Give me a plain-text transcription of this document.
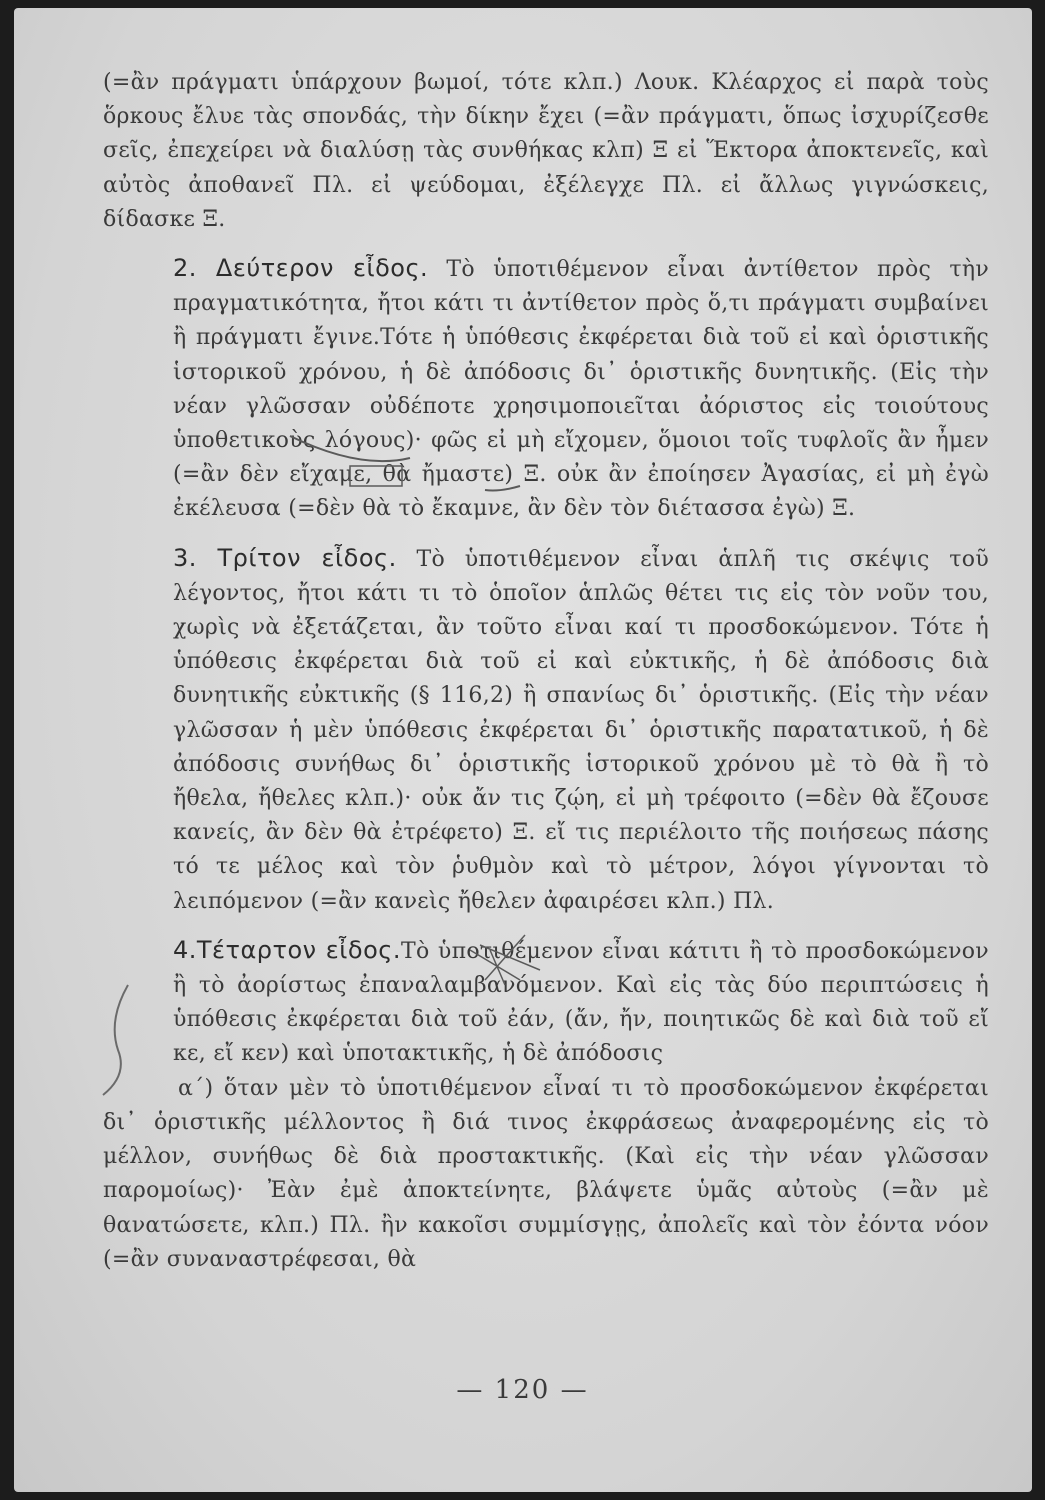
(=ἂν πράγματι ὑπάρχουν βωμοί, τότε κλπ.) Λουκ. Κλέαρχος εἰ παρὰ τοὺς ὅρκους ἔλυε τὰς σπονδάς, τὴν δίκην ἔχει (=ἂν πράγματι, ὅπως ἰσχυρίζεσθε σεῖς, ἐπεχείρει νὰ διαλύσῃ τὰς συνθήκας κλπ) Ξ εἰ Ἕκτορα ἀποκτενεῖς, καὶ αὐτὸς ἀποθανεῖ Πλ. εἰ ψεύδομαι, ἐξέλεγχε Πλ. εἰ ἄλλως γιγνώσκεις, δίδασκε Ξ.

2. Δεύτερον εἶδος. Τὸ ὑποτιθέμενον εἶναι ἀντίθετον πρὸς τὴν πραγματικότητα, ἤτοι κάτι τι ἀντίθετον πρὸς ὅ,τι πράγματι συμβαίνει ἢ πράγματι ἔγινε.Τότε ἡ ὑπόθεσις ἐκφέρεται διὰ τοῦ εἰ καὶ ὁριστικῆς ἱστορικοῦ χρόνου, ἡ δὲ ἀπόδοσις δι᾿ ὁριστικῆς δυνητικῆς. (Εἰς τὴν νέαν γλῶσσαν οὐδέποτε χρησιμοποιεῖται ἀόριστος εἰς τοιούτους ὑποθετικοὺς λόγους)· φῶς εἰ μὴ εἴχομεν, ὅμοιοι τοῖς τυφλοῖς ἂν ἦμεν (=ἂν δὲν εἴχαμε, θὰ ἤμαστε) Ξ. οὐκ ἂν ἐποίησεν Ἀγασίας, εἰ μὴ ἐγὼ ἐκέλευσα (=δὲν θὰ τὸ ἔκαμνε, ἂν δὲν τὸν διέτασσα ἐγὼ) Ξ.

3. Τρίτον εἶδος. Τὸ ὑποτιθέμενον εἶναι ἁπλῆ τις σκέψις τοῦ λέγοντος, ἤτοι κάτι τι τὸ ὁποῖον ἁπλῶς θέτει τις εἰς τὸν νοῦν του, χωρὶς νὰ ἐξετάζεται, ἂν τοῦτο εἶναι καί τι προσδοκώμενον. Τότε ἡ ὑπόθεσις ἐκφέρεται διὰ τοῦ εἰ καὶ εὐκτικῆς, ἡ δὲ ἀπόδοσις διὰ δυνητικῆς εὐκτικῆς (§ 116,2) ἢ σπανίως δι᾿ ὁριστικῆς. (Εἰς τὴν νέαν γλῶσσαν ἡ μὲν ὑπόθεσις ἐκφέρεται δι᾿ ὁριστικῆς παρατατικοῦ, ἡ δὲ ἀπόδοσις συνήθως δι᾿ ὁριστικῆς ἱστορικοῦ χρόνου μὲ τὸ θὰ ἢ τὸ ἤθελα, ἤθελες κλπ.)· οὐκ ἄν τις ζῴη, εἰ μὴ τρέφοιτο (=δὲν θὰ ἔζουσε κανείς, ἂν δὲν θὰ ἐτρέφετο) Ξ. εἴ τις περιέλοιτο τῆς ποιήσεως πάσης τό τε μέλος καὶ τὸν ῥυθμὸν καὶ τὸ μέτρον, λόγοι γίγνονται τὸ λειπόμενον (=ἂν κανεὶς ἤθελεν ἀφαιρέσει κλπ.) Πλ.

4.Τέταρτον εἶδος.Τὸ ὑποτιθέμενον εἶναι κάτιτι ἢ τὸ προσδοκώμενον ἢ τὸ ἀορίστως ἐπαναλαμβανόμενον. Καὶ εἰς τὰς δύο περιπτώσεις ἡ ὑπόθεσις ἐκφέρεται διὰ τοῦ ἐάν, (ἄν, ἤν, ποιητικῶς δὲ καὶ διὰ τοῦ εἴ κε, εἴ κεν) καὶ ὑποτακτικῆς, ἡ δὲ ἀπόδοσις

α΄) ὅταν μὲν τὸ ὑποτιθέμενον εἶναί τι τὸ προσδοκώμενον ἐκφέρεται δι᾿ ὁριστικῆς μέλλοντος ἢ διά τινος ἐκφράσεως ἀναφερομένης εἰς τὸ μέλλον, συνήθως δὲ διὰ προστακτικῆς. (Καὶ εἰς τὴν νέαν γλῶσσαν παρομοίως)· Ἐὰν ἐμὲ ἀποκτείνητε, βλάψετε ὑμᾶς αὐτοὺς (=ἂν μὲ θανατώσετε, κλπ.) Πλ. ἢν κακοῖσι συμμίσγῃς, ἀπολεῖς καὶ τὸν ἐόντα νόον (=ἂν συναναστρέφεσαι, θὰ

— 120 —
